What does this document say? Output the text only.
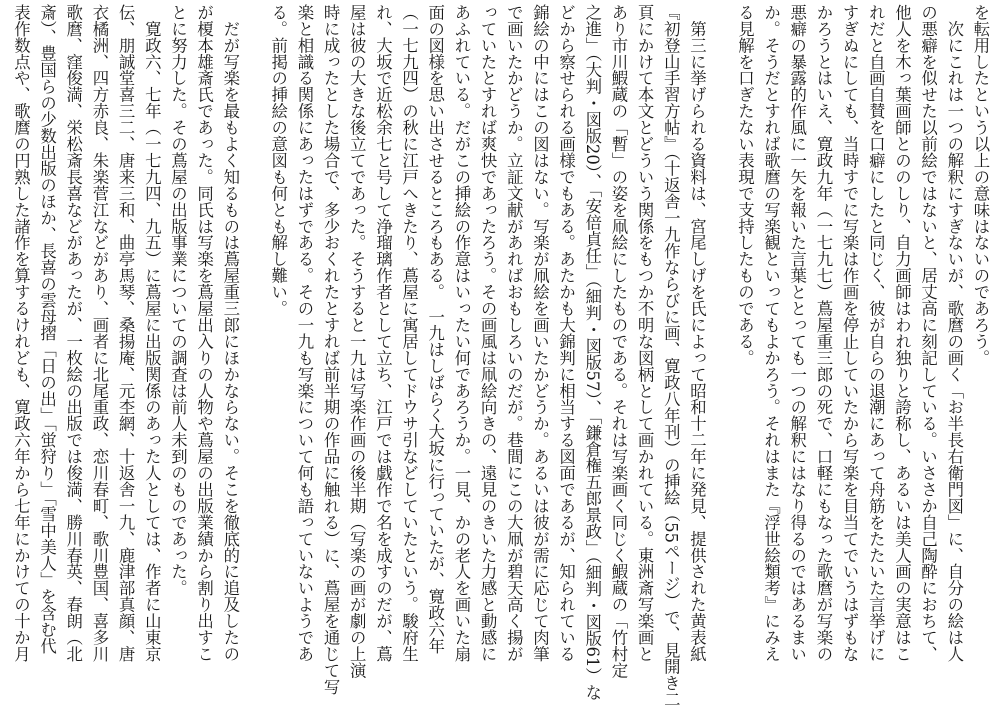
を転用したという以上の意味はないのであろう。
　次にこれは一つの解釈にすぎないが、歌麿の画く「お半長右衛門図」に、自分の絵は人
の悪癖を似せた以前絵ではないと、居丈高に刻記している。いささか自己陶酔におちて、
他人を木っ葉画師とののしり、自力画師はわれ独りと誇称し、あるいは美人画の実意はこ
れだと自画自賛を口癖にしたと同じく、彼が自らの退潮にあって舟筋をたたいた言挙げに
すぎぬにしても、当時すでに写楽は作画を停止していたから写楽を目当てでいうはずもな
かろうとはいえ、寛政九年（一七九七）蔦屋重三郎の死で、口軽にもなった歌麿が写楽の
悪癖の暴露的作風に一矢を報いた言葉ととっても一つの解釈にはなり得るのではあるまい
か。そうだとすれば歌麿の写楽観といってもよかろう。それはまた『浮世絵類考』にみえ
る見解を口ぎたない表現で支持したものである。
　第三に挙げられる資料は、宮尾しげを氏によって昭和十二年に発見、提供された黄表紙
『初登山手習方帖』（十返舎一九作ならびに画、寛政八年刊）の挿絵（55ページ）で、見開き二
頁にかけて本文とどういう関係をもつか不明な図柄として画かれている。東洲斎写楽画と
あり市川鰕蔵の「暫」の姿を凧絵にしたものである。それは写楽画く同じく鰕蔵の「竹村定
之進」（大判・図版20）、「安倍貞任」（細判・図版57）、「鎌倉権五郎景政」（細判・図版61）な
どから察せられる画様でもある。あたかも大錦判に相当する図面であるが、知られている
錦絵の中にはこの図はない。写楽が凧絵を画いたかどうか。あるいは彼が需に応じて肉筆
で画いたかどうか。立証文献があればおもしろいのだが。巷間にこの大凧が碧天高く揚が
っていたとすれば爽快であったろう。その画風は凧絵向きの、遠見のきいた力感と動感に
あふれている。だがこの挿絵の作意はいったい何であろうか。一見、かの老人を画いた扇
面の図様を思い出させるところもある。　一九はしばらく大坂に行っていたが、寛政六年
（一七九四）の秋に江戸へきたり、蔦屋に寓居してドウサ引などしていたという。駿府生
れ、大坂で近松余七と号して浄瑠璃作者として立ち、江戸では戯作で名を成すのだが、蔦
屋は彼の大きな後立てであった。そうすると一九は写楽作画の後半期（写楽の画が劇の上演
時に成ったとした場合で、多少おくれたとすれば前半期の作品に触れる）に、蔦屋を通じて写
楽と相識る関係にあったはずである。その一九も写楽について何も語っていないようであ
る。前掲の挿絵の意図も何とも解し難い。
　だが写楽を最もよく知るものは蔦屋重三郎にほかならない。そこを徹底的に追及したの
が榎本雄斎氏であった。同氏は写楽を蔦屋出入りの人物や蔦屋の出版業績から割り出すこ
とに努力した。その蔦屋の出版事業についての調査は前人未到のものであった。
　寛政六、七年（一七九四、九五）に蔦屋に出版関係のあった人としては、作者に山東京
伝、朋誠堂喜三二、唐来三和、曲亭馬琴、桑揚庵、元杢網、十返舎一九、鹿津部真顔、唐
衣橘洲、四方赤良、朱楽菅江などがあり、画者に北尾重政、恋川春町、歌川豊国、喜多川
歌麿、窪俊満、栄松斎長喜などがあったが、一枚絵の出版では俊満、勝川春英、春朗（北
斎）、豊国らの少数出版のほか、長喜の雲母摺「日の出」「蛍狩り」「雪中美人」を含む代
表作数点や、歌麿の円熟した諸作を算するけれども、寛政六年から七年にかけての十か月
